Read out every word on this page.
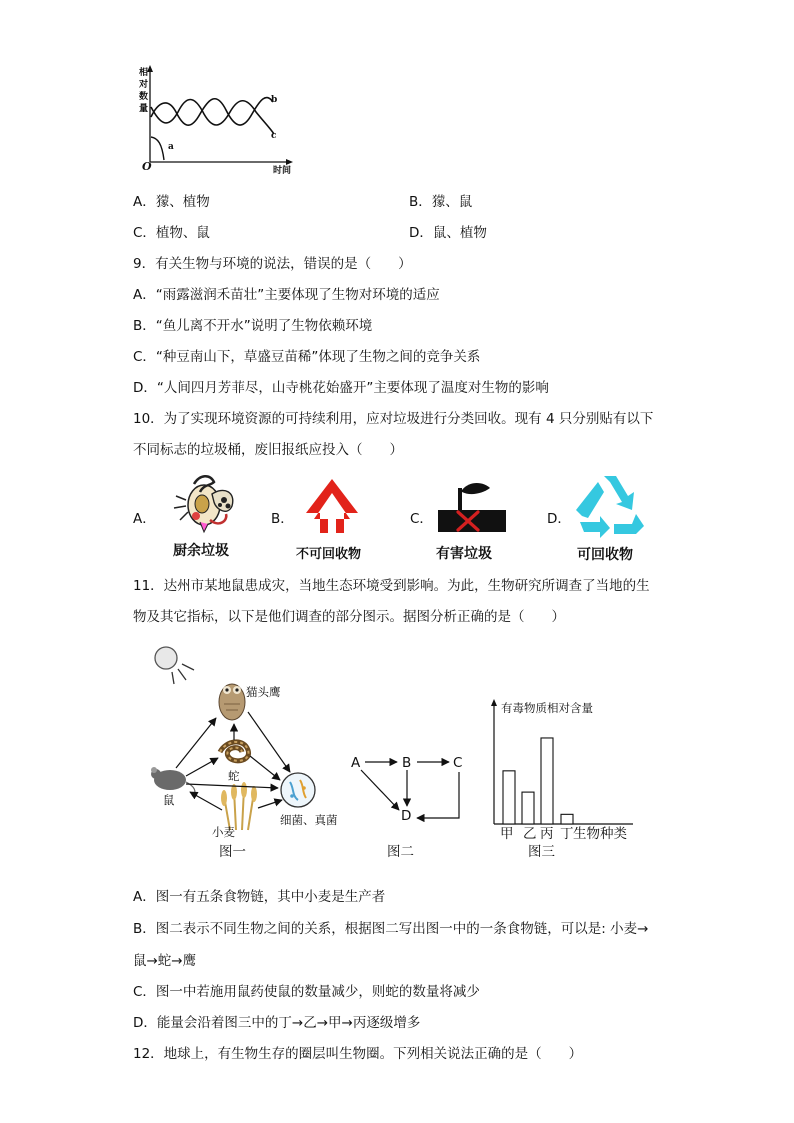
相
对
数
量
O
a
b
c
时间
A．獴、植物	B．獴、鼠
C．植物、鼠	D．鼠、植物
9．有关生物与环境的说法，错误的是（　　）
A．“雨露滋润禾苗壮”主要体现了生物对环境的适应
B．“鱼儿离不开水”说明了生物依赖环境
C．“种豆南山下，草盛豆苗稀”体现了生物之间的竞争关系
D．“人间四月芳菲尽，山寺桃花始盛开”主要体现了温度对生物的影响
10．为了实现环境资源的可持续利用，应对垃圾进行分类回收。现有 4 只分别贴有以下
不同标志的垃圾桶，废旧报纸应投入（　　）
A．
厨余垃圾
B．
不可回收物
C．
有害垃圾
D．
可回收物
11．达州市某地鼠患成灾，当地生态环境受到影响。为此，生物研究所调查了当地的生
物及其它指标，以下是他们调查的部分图示。据图分析正确的是（　　）
猫头鹰
蛇
鼠
小麦
细菌、真菌
图一
A	B	C
D
图二
有毒物质相对含量
甲 乙 丙 丁 生物种类
图三
A．图一有五条食物链，其中小麦是生产者
B．图二表示不同生物之间的关系，根据图二写出图一中的一条食物链，可以是: 小麦→
鼠→蛇→鹰
C．图一中若施用鼠药使鼠的数量减少，则蛇的数量将减少
D．能量会沿着图三中的丁→乙→甲→丙逐级增多
12．地球上，有生物生存的圈层叫生物圈。下列相关说法正确的是（　　）
